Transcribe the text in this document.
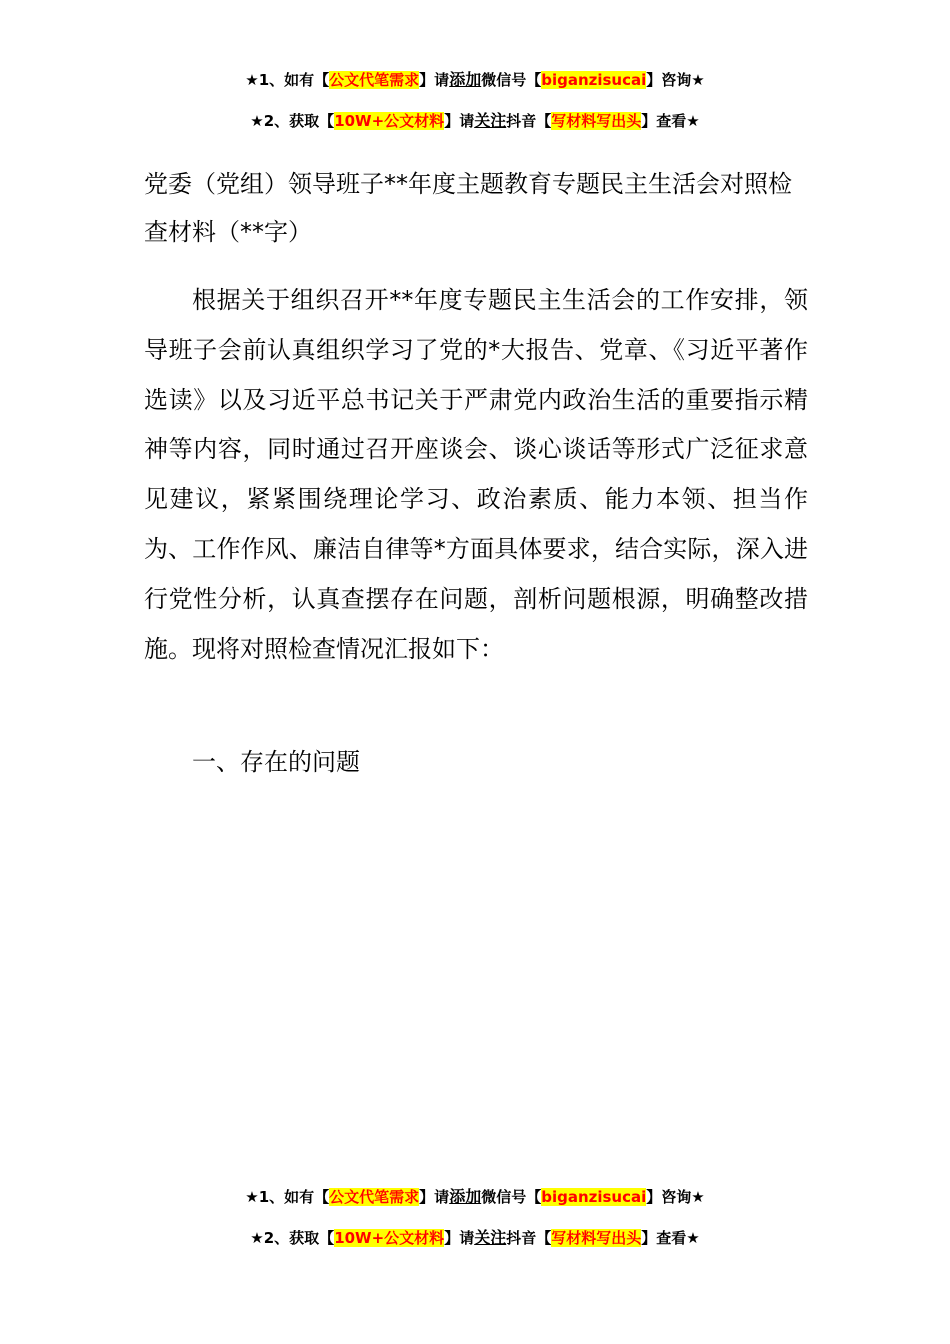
★1、如有【公文代笔需求】请添加微信号【biganzisucai】咨询★
★2、获取【10W+公文材料】请关注抖音【写材料写出头】查看★
党委（党组）领导班子**年度主题教育专题民主生活会对照检查材料（**字）
根据关于组织召开**年度专题民主生活会的工作安排，领导班子会前认真组织学习了党的*大报告、党章、《习近平著作选读》以及习近平总书记关于严肃党内政治生活的重要指示精神等内容，同时通过召开座谈会、谈心谈话等形式广泛征求意见建议，紧紧围绕理论学习、政治素质、能力本领、担当作为、工作作风、廉洁自律等*方面具体要求，结合实际，深入进行党性分析，认真查摆存在问题，剖析问题根源，明确整改措施。现将对照检查情况汇报如下：
一、存在的问题
★1、如有【公文代笔需求】请添加微信号【biganzisucai】咨询★
★2、获取【10W+公文材料】请关注抖音【写材料写出头】查看★
